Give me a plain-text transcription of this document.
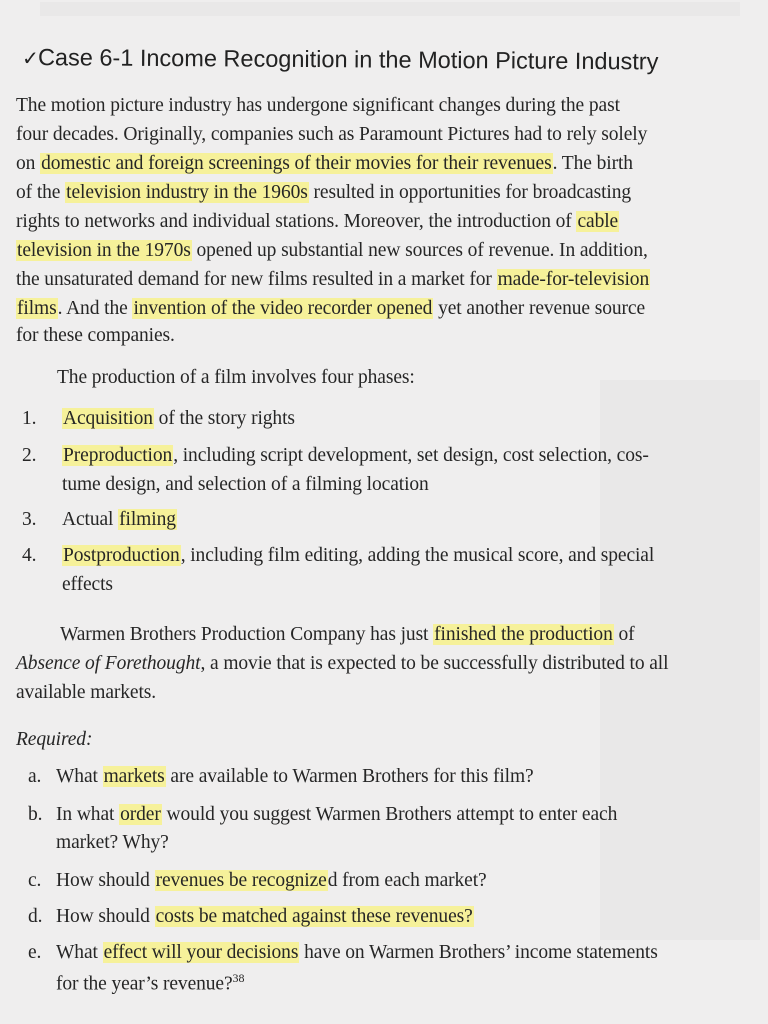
✓Case 6-1 Income Recognition in the Motion Picture Industry
The motion picture industry has undergone significant changes during the past
four decades. Originally, companies such as Paramount Pictures had to rely solely
on domestic and foreign screenings of their movies for their revenues. The birth
of the television industry in the 1960s resulted in opportunities for broadcasting
rights to networks and individual stations. Moreover, the introduction of cable
television in the 1970s opened up substantial new sources of revenue. In addition,
the unsaturated demand for new films resulted in a market for made-for-television
films. And the invention of the video recorder opened yet another revenue source
for these companies.
The production of a film involves four phases:
1. Acquisition of the story rights
2. Preproduction, including script development, set design, cost selection, cos-
tume design, and selection of a filming location
3. Actual filming
4. Postproduction, including film editing, adding the musical score, and special
effects
Warmen Brothers Production Company has just finished the production of
Absence of Forethought, a movie that is expected to be successfully distributed to all
available markets.
Required:
a. What markets are available to Warmen Brothers for this film?
b. In what order would you suggest Warmen Brothers attempt to enter each
market? Why?
c. How should revenues be recognized from each market?
d. How should costs be matched against these revenues?
e. What effect will your decisions have on Warmen Brothers’ income statements
for the year’s revenue?$^{38}$
